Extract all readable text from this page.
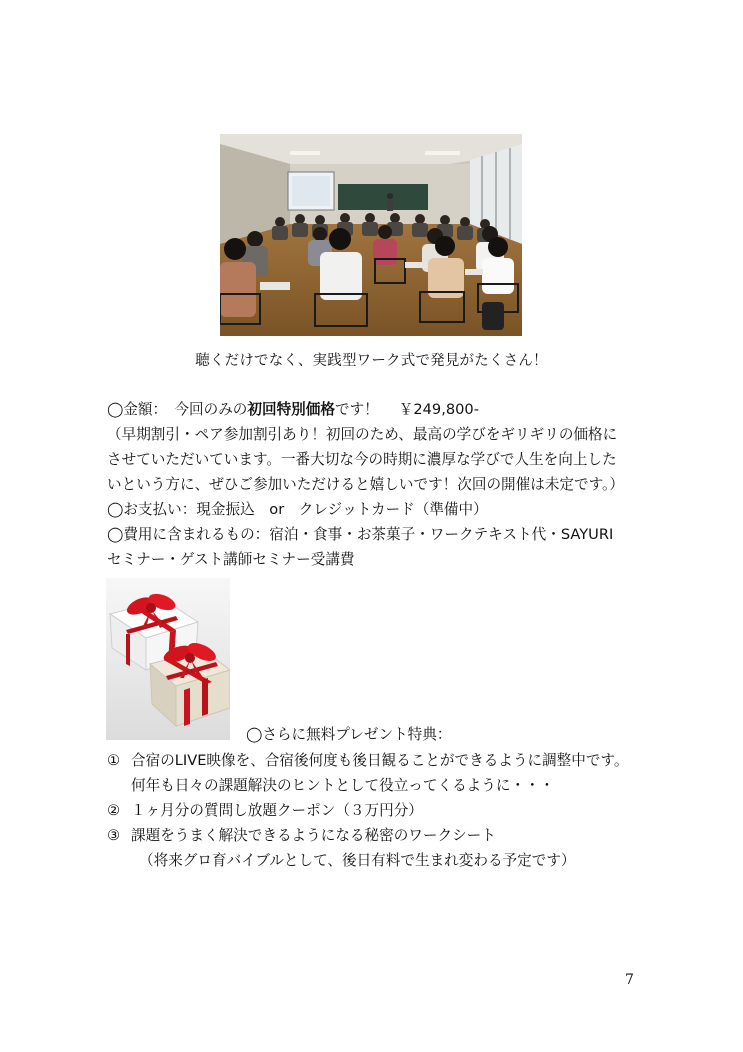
聴くだけでなく、実践型ワーク式で発見がたくさん！
◯金額：　今回のみの初回特別価格です！ ￥249,800-
（早期割引・ペア参加割引あり！初回のため、最高の学びをギリギリの価格に
させていただいています。一番大切な今の時期に濃厚な学びで人生を向上した
いという方に、ぜひご参加いただけると嬉しいです！次回の開催は未定です。）
◯お支払い：現金振込　or　クレジットカード（準備中）
◯費用に含まれるもの：宿泊・食事・お茶菓子・ワークテキスト代・SAYURI
セミナー・ゲスト講師セミナー受講費
◯さらに無料プレゼント特典：
① 合宿のLIVE映像を、合宿後何度も後日観ることができるように調整中です。
何年も日々の課題解決のヒントとして役立ってくるように・・・
② １ヶ月分の質問し放題クーポン（３万円分）
③ 課題をうまく解決できるようになる秘密のワークシート
（将来グロ育バイブルとして、後日有料で生まれ変わる予定です）
7
